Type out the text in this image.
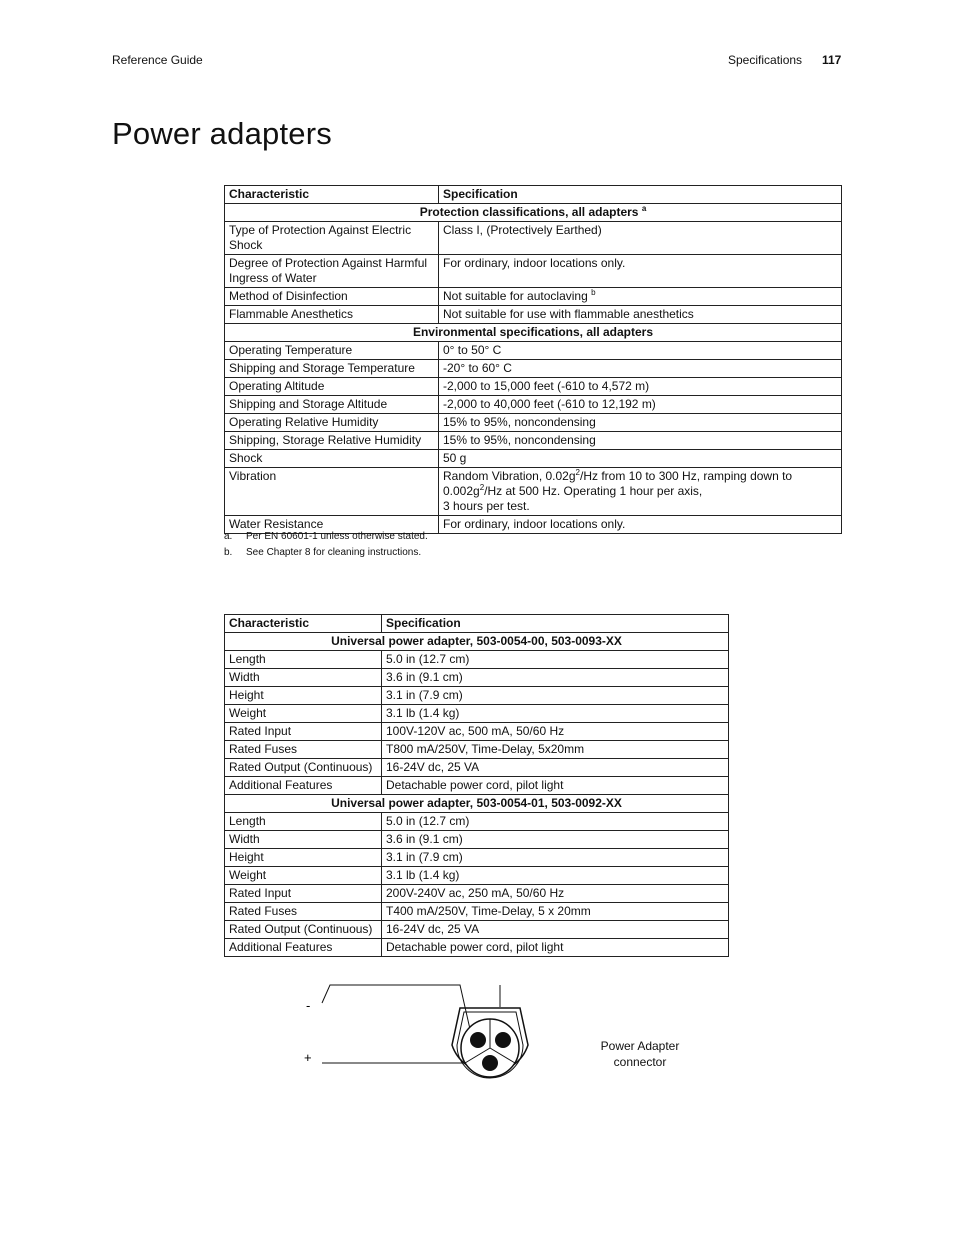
Reference Guide	Specifications 117
Power adapters
Characteristic	Specification
Protection classifications, all adapters $^a$
Type of Protection Against Electric Shock	Class I, (Protectively Earthed)
Degree of Protection Against Harmful Ingress of Water	For ordinary, indoor locations only.
Method of Disinfection	Not suitable for autoclaving $^b$
Flammable Anesthetics	Not suitable for use with flammable anesthetics
Environmental specifications, all adapters	
Operating Temperature	0° to 50° C
Shipping and Storage Temperature	-20° to 60° C
Operating Altitude	-2,000 to 15,000 feet (-610 to 4,572 m)
Shipping and Storage Altitude	-2,000 to 40,000 feet (-610 to 12,192 m)
Operating Relative Humidity	15% to 95%, noncondensing
Shipping, Storage Relative Humidity	15% to 95%, noncondensing
Shock	50 g
Vibration	Random Vibration, $0.02g^2/Hz$ from 10 to 300 Hz, ramping down to $0.002g^2/Hz$ at 500 Hz. Operating 1 hour per axis,
3 hours per test.
Water Resistance	For ordinary, indoor locations only.
a. Per EN 60601-1 unless otherwise stated.
b. See Chapter 8 for cleaning instructions.
Characteristic	Specification
Universal power adapter, 503-0054-00, 503-0093-XX	
Length	5.0 in (12.7 cm)
Width	3.6 in (9.1 cm)
Height	3.1 in (7.9 cm)
Weight	3.1 lb (1.4 kg)
Rated Input	100V-120V ac, 500 mA, 50/60 Hz
Rated Fuses	T800 mA/250V, Time-Delay, 5x20mm
Rated Output (Continuous)	16-24V dc, 25 VA
Additional Features	Detachable power cord, pilot light
Universal power adapter, 503-0054-01, 503-0092-XX	
Length	5.0 in (12.7 cm)
Width	3.6 in (9.1 cm)
Height	3.1 in (7.9 cm)
Weight	3.1 lb (1.4 kg)
Rated Input	200V-240V ac, 250 mA, 50/60 Hz
Rated Fuses	T400 mA/250V, Time-Delay, 5 x 20mm
Rated Output (Continuous)	16-24V dc, 25 VA
Additional Features	Detachable power cord, pilot light
-
+
Power Adapter
connector
